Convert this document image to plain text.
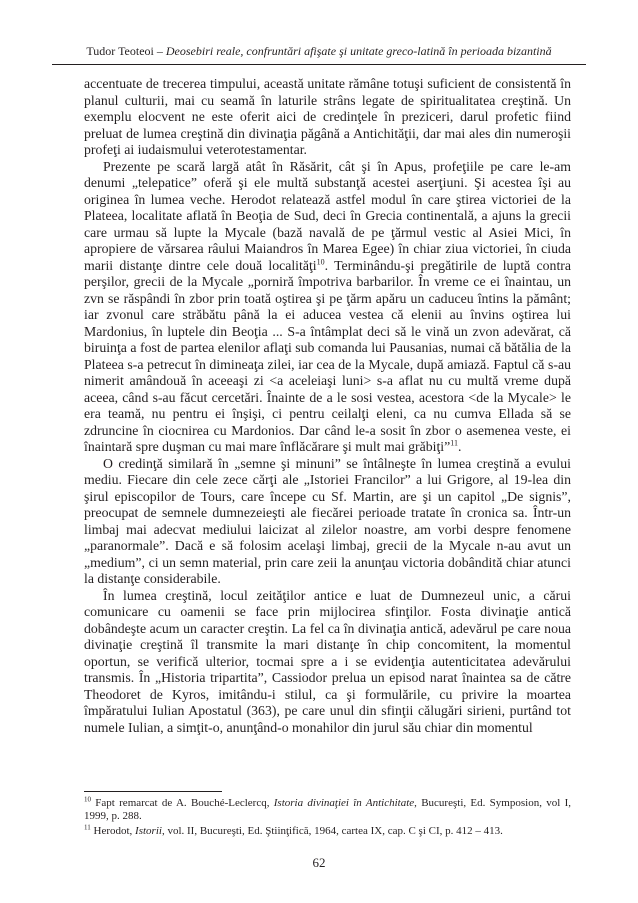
Tudor Teoteoi – Deosebiri reale, confruntări afişate şi unitate greco-latină în perioada bizantină

accentuate de trecerea timpului, această unitate rămâne totuşi suficient de consistentă în planul culturii, mai cu seamă în laturile strâns legate de spiritualitatea creştină. Un exemplu elocvent ne este oferit aici de credinţele în preziceri, darul profetic fiind preluat de lumea creştină din divinaţia păgână a Antichităţii, dar mai ales din numeroşii profeţi ai iudaismului veterotestamentar.

Prezente pe scară largă atât în Răsărit, cât şi în Apus, profeţiile pe care le-am denumi „telepatice” oferă şi ele multă substanţă acestei aserţiuni. Şi acestea îşi au originea în lumea veche. Herodot relatează astfel modul în care ştirea victoriei de la Plateea, localitate aflată în Beoţia de Sud, deci în Grecia continentală, a ajuns la grecii care urmau să lupte la Mycale (bază navală de pe ţărmul vestic al Asiei Mici, în apropiere de vărsarea râului Maiandros în Marea Egee) în chiar ziua victoriei, în ciuda marii distanţe dintre cele două localităţi$^{10}$. Terminându-şi pregătirile de luptă contra perşilor, grecii de la Mycale „porniră împotriva barbarilor. În vreme ce ei înaintau, un zvn se răspândi în zbor prin toată oştirea şi pe ţărm apăru un caduceu întins la pământ; iar zvonul care străbătu până la ei aducea vestea că elenii au învins oştirea lui Mardonius, în luptele din Beoţia ... S-a întâmplat deci să le vină un zvon adevărat, că biruinţa a fost de partea elenilor aflaţi sub comanda lui Pausanias, numai că bătălia de la Plateea s-a petrecut în dimineaţa zilei, iar cea de la Mycale, după amiază. Faptul că s-au nimerit amândouă în aceeaşi zi <a aceleiaşi luni> s-a aflat nu cu multă vreme după aceea, când s-au făcut cercetări. Înainte de a le sosi vestea, acestora <de la Mycale> le era teamă, nu pentru ei înşişi, ci pentru ceilalţi eleni, ca nu cumva Ellada să se zdruncine în ciocnirea cu Mardonios. Dar când le-a sosit în zbor o asemenea veste, ei înaintară spre duşman cu mai mare înflăcărare şi mult mai grăbiţi”$^{11}$.

O credinţă similară în „semne şi minuni” se întâlneşte în lumea creştină a evului mediu. Fiecare din cele zece cărţi ale „Istoriei Francilor” a lui Grigore, al 19-lea din şirul episcopilor de Tours, care începe cu Sf. Martin, are şi un capitol „De signis”, preocupat de semnele dumnezeieşti ale fiecărei perioade tratate în cronica sa. Într-un limbaj mai adecvat mediului laicizat al zilelor noastre, am vorbi despre fenomene „paranormale”. Dacă e să folosim acelaşi limbaj, grecii de la Mycale n-au avut un „medium”, ci un semn material, prin care zeii la anunţau victoria dobândită chiar atunci la distanţe considerabile.

În lumea creştină, locul zeităţilor antice e luat de Dumnezeul unic, a cărui comunicare cu oamenii se face prin mijlocirea sfinţilor. Fosta divinaţie antică dobândeşte acum un caracter creştin. La fel ca în divinaţia antică, adevărul pe care noua divinaţie creştină îl transmite la mari distanţe în chip concomitent, la momentul oportun, se verifică ulterior, tocmai spre a i se evidenţia autenticitatea adevărului transmis. În „Historia tripartita”, Cassiodor prelua un episod narat înaintea sa de către Theodoret de Kyros, imitându-i stilul, ca şi formulările, cu privire la moartea împăratului Iulian Apostatul (363), pe care unul din sfinţii călugări sirieni, purtând tot numele Iulian, a simţit-o, anunţând-o monahilor din jurul său chiar din momentul

$^{10}$ Fapt remarcat de A. Bouché-Leclercq, Istoria divinaţiei în Antichitate, Bucureşti, Ed. Symposion, vol I, 1999, p. 288.
$^{11}$ Herodot, Istorii, vol. II, Bucureşti, Ed. Ştiinţifică, 1964, cartea IX, cap. C şi CI, p. 412 – 413.
62
